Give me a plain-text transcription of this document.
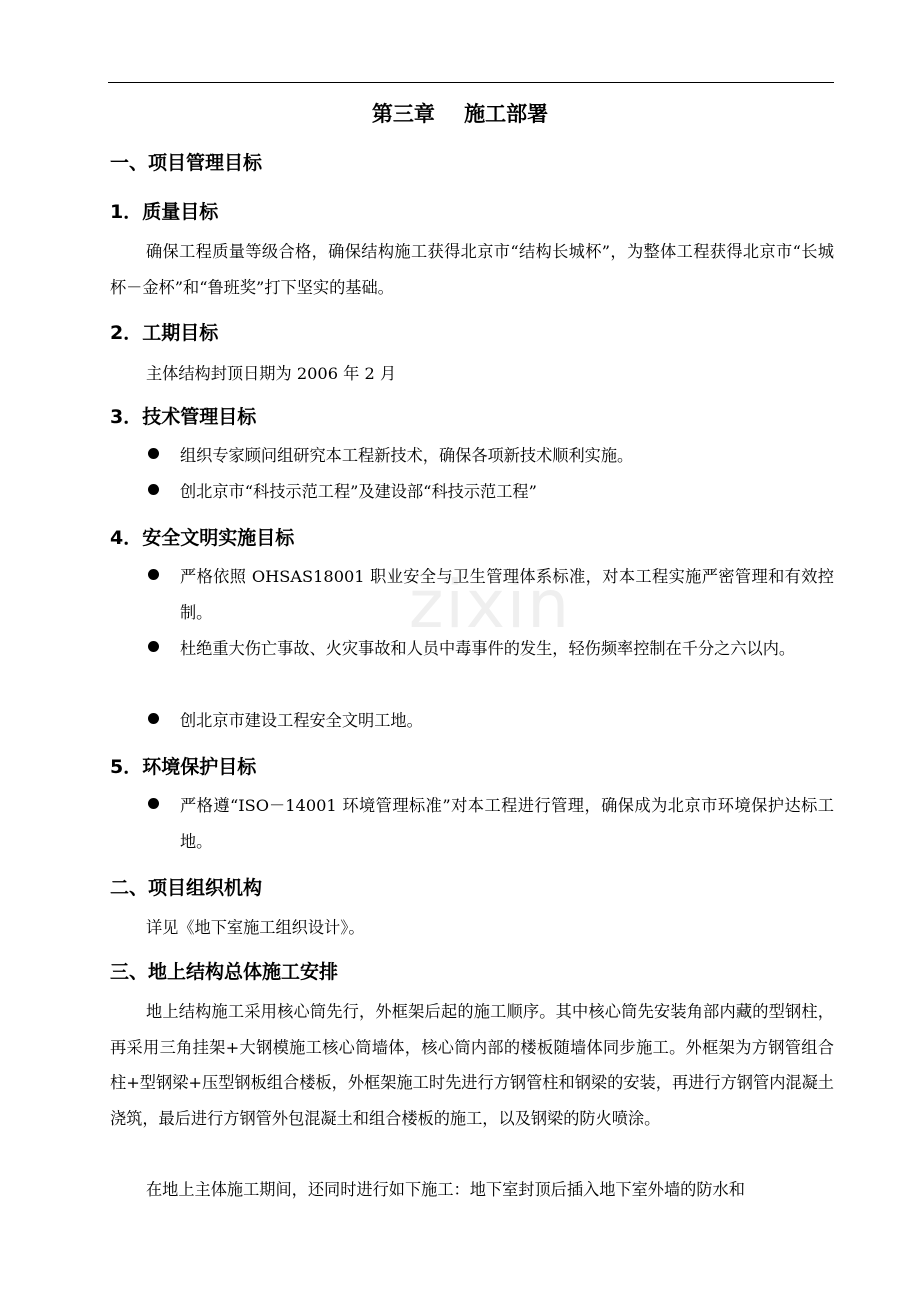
zixin
第三章    施工部署
一、项目管理目标
1．质量目标

确保工程质量等级合格，确保结构施工获得北京市“结构长城杯”，为整体工程获得北京市“长城杯－金杯”和“鲁班奖”打下坚实的基础。

2．工期目标
主体结构封顶日期为 2006 年 2 月
3．技术管理目标

组织专家顾问组研究本工程新技术，确保各项新技术顺利实施。

创北京市“科技示范工程”及建设部“科技示范工程”

4．安全文明实施目标

严格依照 OHSAS18001 职业安全与卫生管理体系标准，对本工程实施严密管理和有效控制。

杜绝重大伤亡事故、火灾事故和人员中毒事件的发生，轻伤频率控制在千分之六以内。

创北京市建设工程安全文明工地。

5．环境保护目标

严格遵“ISO－14001 环境管理标准”对本工程进行管理，确保成为北京市环境保护达标工地。

二、项目组织机构
详见《地下室施工组织设计》。
三、地上结构总体施工安排

地上结构施工采用核心筒先行，外框架后起的施工顺序。其中核心筒先安装角部内藏的型钢柱，再采用三角挂架+大钢模施工核心筒墙体，核心筒内部的楼板随墙体同步施工。外框架为方钢管组合柱+型钢梁+压型钢板组合楼板，外框架施工时先进行方钢管柱和钢梁的安装，再进行方钢管内混凝土浇筑，最后进行方钢管外包混凝土和组合楼板的施工，以及钢梁的防火喷涂。

在地上主体施工期间，还同时进行如下施工：地下室封顶后插入地下室外墙的防水和
